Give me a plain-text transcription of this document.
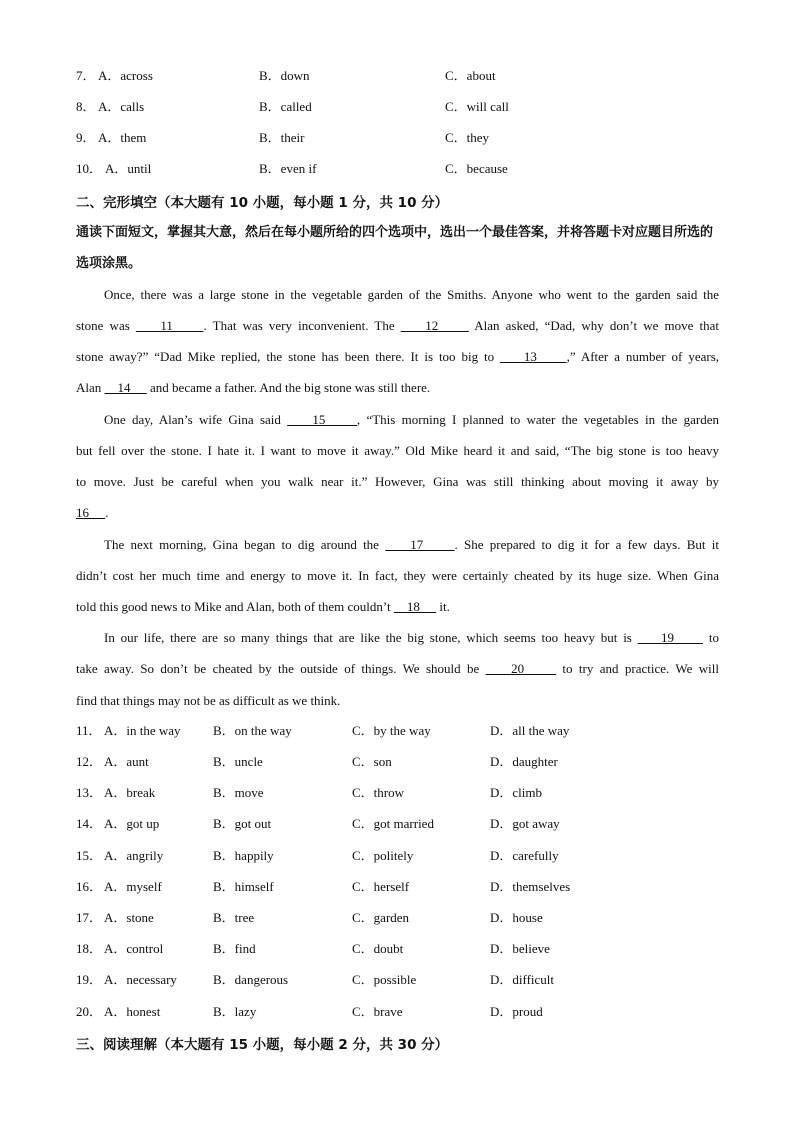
7． A．across	B．down	C．about
8． A．calls	B．called	C．will call
9． A．them	B．their	C．they
10． A．until	B．even if	C．because
二、完形填空（本大题有 10 小题，每小题 1 分，共 10 分）
通读下面短文，掌握其大意，然后在每小题所给的四个选项中，选出一个最佳答案，并将答题卡对应题目所选的选项涂黑。
Once, there was a large stone in the vegetable garden of the Smiths. Anyone who went to the garden said the
stone was     11     . That was very inconvenient. The     12      Alan asked, “Dad, why don’t we move that
stone away?” “Dad Mike replied, the stone has been there. It is too big to     13     ,” After a number of years,
Alan     14      and became a father. And the big stone was still there.
One day, Alan’s wife Gina said     15     , “This morning I planned to water the vegetables in the garden
but fell over the stone. I hate it. I want to move it away.” Old Mike heard it and said, “The big stone is too heavy
to move. Just be careful when you walk near it.” However, Gina was still thinking about moving it away by
16     .
The next morning, Gina began to dig around the     17     . She prepared to dig it for a few days. But it
didn’t cost her much time and energy to move it. In fact, they were certainly cheated by its huge size. When Gina
told this good news to Mike and Alan, both of them couldn’t     18      it.
In our life, there are so many things that are like the big stone, which seems too heavy but is     19      to
take away. So don’t be cheated by the outside of things. We should be     20      to try and practice. We will
find that things may not be as difficult as we think.
11． A．in the way B．on the way	C．by the way	D．all the way
12． A．aunt	B．uncle	C．son	D．daughter
13． A．break	B．move	C．throw	D．climb
14． A．got up	B．got out	C．got married	D．got away
15． A．angrily	B．happily	C．politely	D．carefully
16． A．myself	B．himself	C．herself	D．themselves
17． A．stone	B．tree	C．garden	D．house
18． A．control	B．find	C．doubt	D．believe
19． A．necessary	B．dangerous	C．possible	D．difficult
20． A．honest	B．lazy	C．brave	D．proud
三、阅读理解（本大题有 15 小题，每小题 2 分，共 30 分）
